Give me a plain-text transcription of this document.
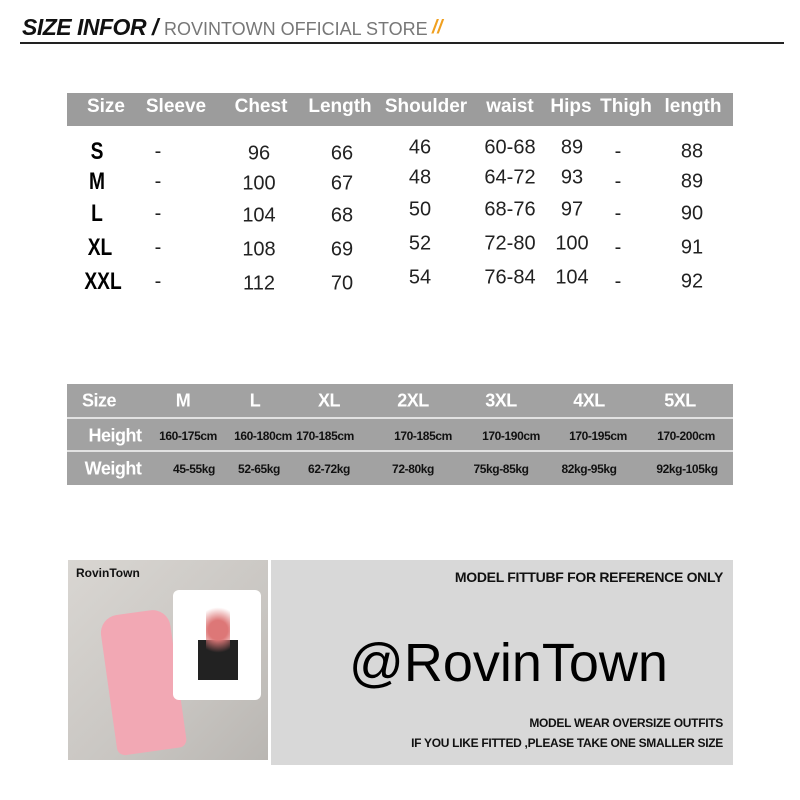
SIZE INFOR / ROVINTOWN OFFICIAL STORE //
Size Sleeve Chest Length Shoulder waist Hips Thigh length
S	-	96	66	46	60-68 89 -	88
M -	100	67	48	64-72 93 -	89
L	-	104	68	50	68-76 97 -	90
XL -	108	69	52	72-80 100 -	91
XXL -	112	70	54	76-84 104 -	92
Size	M	L	XL	2XL	3XL	4XL	5XL
Height 160-175cm 160-180cm 170-185cm	170-185cm	170-190cm 170-195cm	170-200cm
Weight	45-55kg 52-65kg 62-72kg	72-80kg	75kg-85kg	82kg-95kg	92kg-105kg
RovinTown	MODEL FITTUBF FOR REFERENCE ONLY
@RovinTown
MODEL WEAR OVERSIZE OUTFITS
IF YOU LIKE FITTED ,PLEASE TAKE ONE SMALLER SIZE
